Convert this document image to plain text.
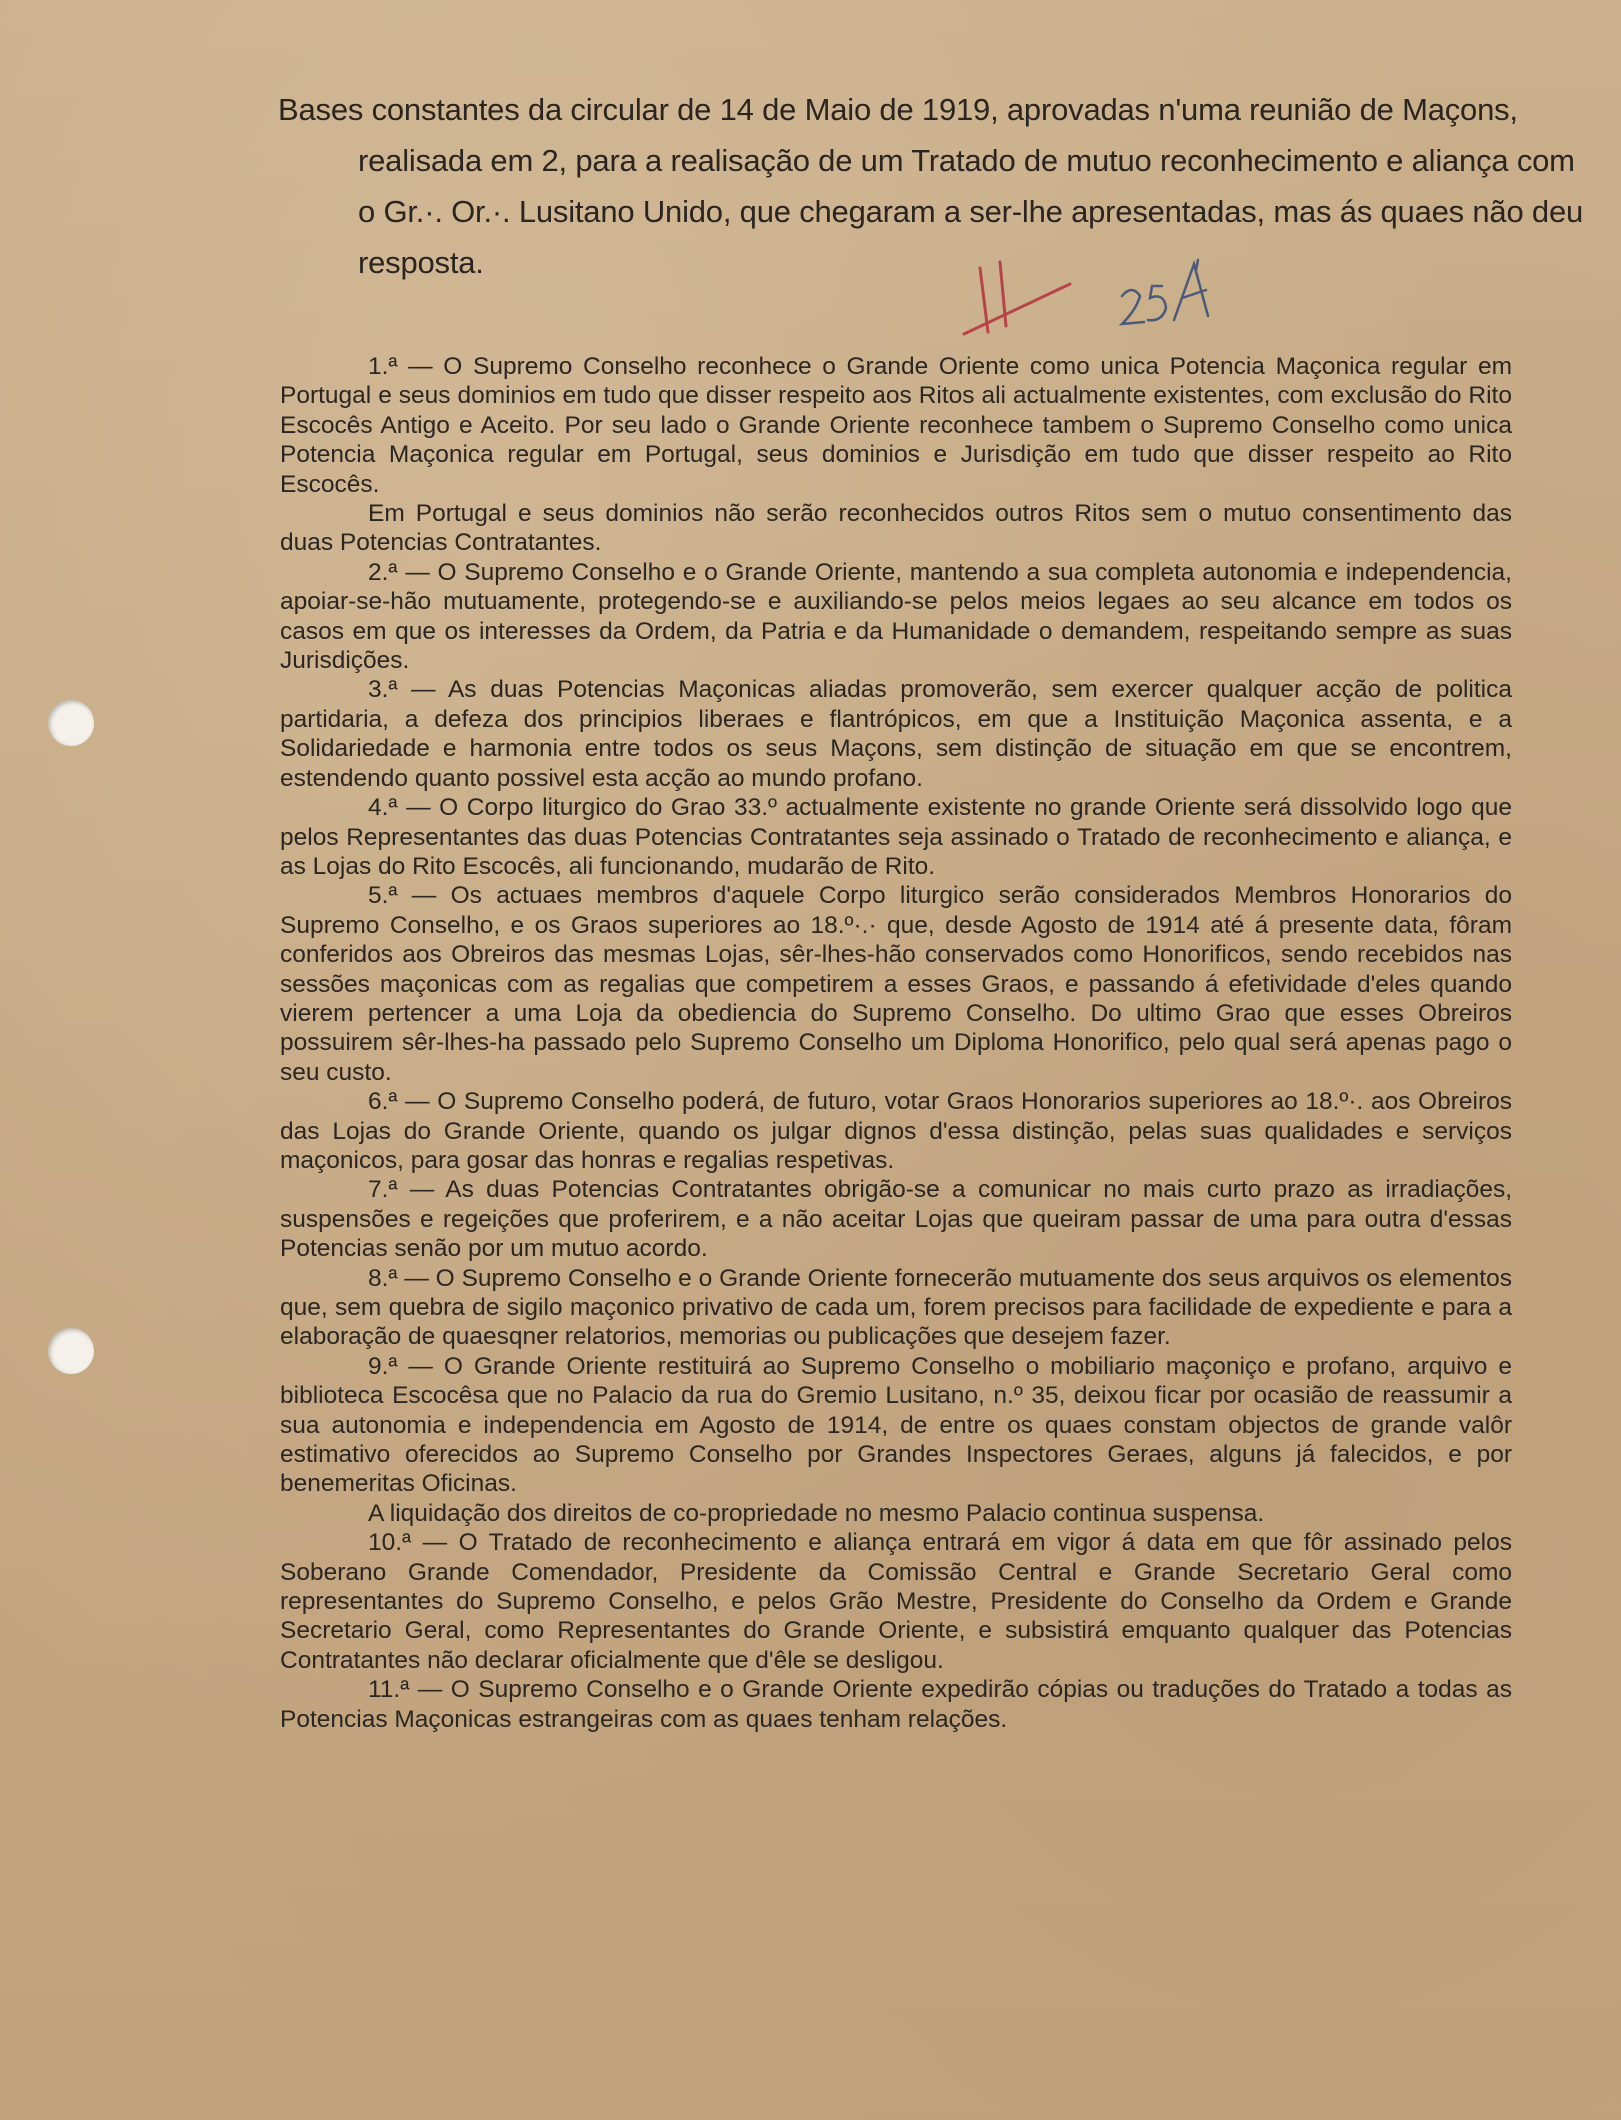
Bases constantes da circular de 14 de Maio de 1919, aprovadas n'uma reunião de Maçons, realisada em 2, para a realisação de um Tratado de mutuo reconhecimento e aliança com o Gr.·. Or.·. Lusitano Unido, que chegaram a ser-lhe apresentadas, mas ás quaes não deu resposta.

1.ª — O Supremo Conselho reconhece o Grande Oriente como unica Potencia Maçonica regular em Portugal e seus dominios em tudo que disser respeito aos Ritos ali actualmente existentes, com exclusão do Rito Escocês Antigo e Aceito. Por seu lado o Grande Oriente reconhece tambem o Supremo Conselho como unica Potencia Maçonica regular em Portugal, seus dominios e Jurisdição em tudo que disser respeito ao Rito Escocês.

Em Portugal e seus dominios não serão reconhecidos outros Ritos sem o mutuo consentimento das duas Potencias Contratantes.

2.ª — O Supremo Conselho e o Grande Oriente, mantendo a sua completa autonomia e independencia, apoiar-se-hão mutuamente, protegendo-se e auxiliando-se pelos meios legaes ao seu alcance em todos os casos em que os interesses da Ordem, da Patria e da Humanidade o demandem, respeitando sempre as suas Jurisdições.

3.ª — As duas Potencias Maçonicas aliadas promoverão, sem exercer qualquer acção de politica partidaria, a defeza dos principios liberaes e flantrópicos, em que a Instituição Maçonica assenta, e a Solidariedade e harmonia entre todos os seus Maçons, sem distinção de situação em que se encontrem, estendendo quanto possivel esta acção ao mundo profano.

4.ª — O Corpo liturgico do Grao 33.º actualmente existente no grande Oriente será dissolvido logo que pelos Representantes das duas Potencias Contratantes seja assinado o Tratado de reconhecimento e aliança, e as Lojas do Rito Escocês, ali funcionando, mudarão de Rito.

5.ª — Os actuaes membros d'aquele Corpo liturgico serão considerados Membros Honorarios do Supremo Conselho, e os Graos superiores ao 18.º·.· que, desde Agosto de 1914 até á presente data, fôram conferidos aos Obreiros das mesmas Lojas, sêr-lhes-hão conservados como Honorificos, sendo recebidos nas sessões maçonicas com as regalias que competirem a esses Graos, e passando á efetividade d'eles quando vierem pertencer a uma Loja da obediencia do Supremo Conselho. Do ultimo Grao que esses Obreiros possuirem sêr-lhes-ha passado pelo Supremo Conselho um Diploma Honorifico, pelo qual será apenas pago o seu custo.

6.ª — O Supremo Conselho poderá, de futuro, votar Graos Honorarios superiores ao 18.º·. aos Obreiros das Lojas do Grande Oriente, quando os julgar dignos d'essa distinção, pelas suas qualidades e serviços maçonicos, para gosar das honras e regalias respetivas.

7.ª — As duas Potencias Contratantes obrigão-se a comunicar no mais curto prazo as irradiações, suspensões e regeições que proferirem, e a não aceitar Lojas que queiram passar de uma para outra d'essas Potencias senão por um mutuo acordo.

8.ª — O Supremo Conselho e o Grande Oriente fornecerão mutuamente dos seus arquivos os elementos que, sem quebra de sigilo maçonico privativo de cada um, forem precisos para facilidade de expediente e para a elaboração de quaesqner relatorios, memorias ou publicações que desejem fazer.

9.ª — O Grande Oriente restituirá ao Supremo Conselho o mobiliario maçoniço e profano, arquivo e biblioteca Escocêsa que no Palacio da rua do Gremio Lusitano, n.º 35, deixou ficar por ocasião de reassumir a sua autonomia e independencia em Agosto de 1914, de entre os quaes constam objectos de grande valôr estimativo oferecidos ao Supremo Conselho por Grandes Inspectores Geraes, alguns já falecidos, e por benemeritas Oficinas.

A liquidação dos direitos de co-propriedade no mesmo Palacio continua suspensa.

10.ª — O Tratado de reconhecimento e aliança entrará em vigor á data em que fôr assinado pelos Soberano Grande Comendador, Presidente da Comissão Central e Grande Secretario Geral como representantes do Supremo Conselho, e pelos Grão Mestre, Presidente do Conselho da Ordem e Grande Secretario Geral, como Representantes do Grande Oriente, e subsistirá emquanto qualquer das Potencias Contratantes não declarar oficialmente que d'êle se desligou.

11.ª — O Supremo Conselho e o Grande Oriente expedirão cópias ou traduções do Tratado a todas as Potencias Maçonicas estrangeiras com as quaes tenham relações.
